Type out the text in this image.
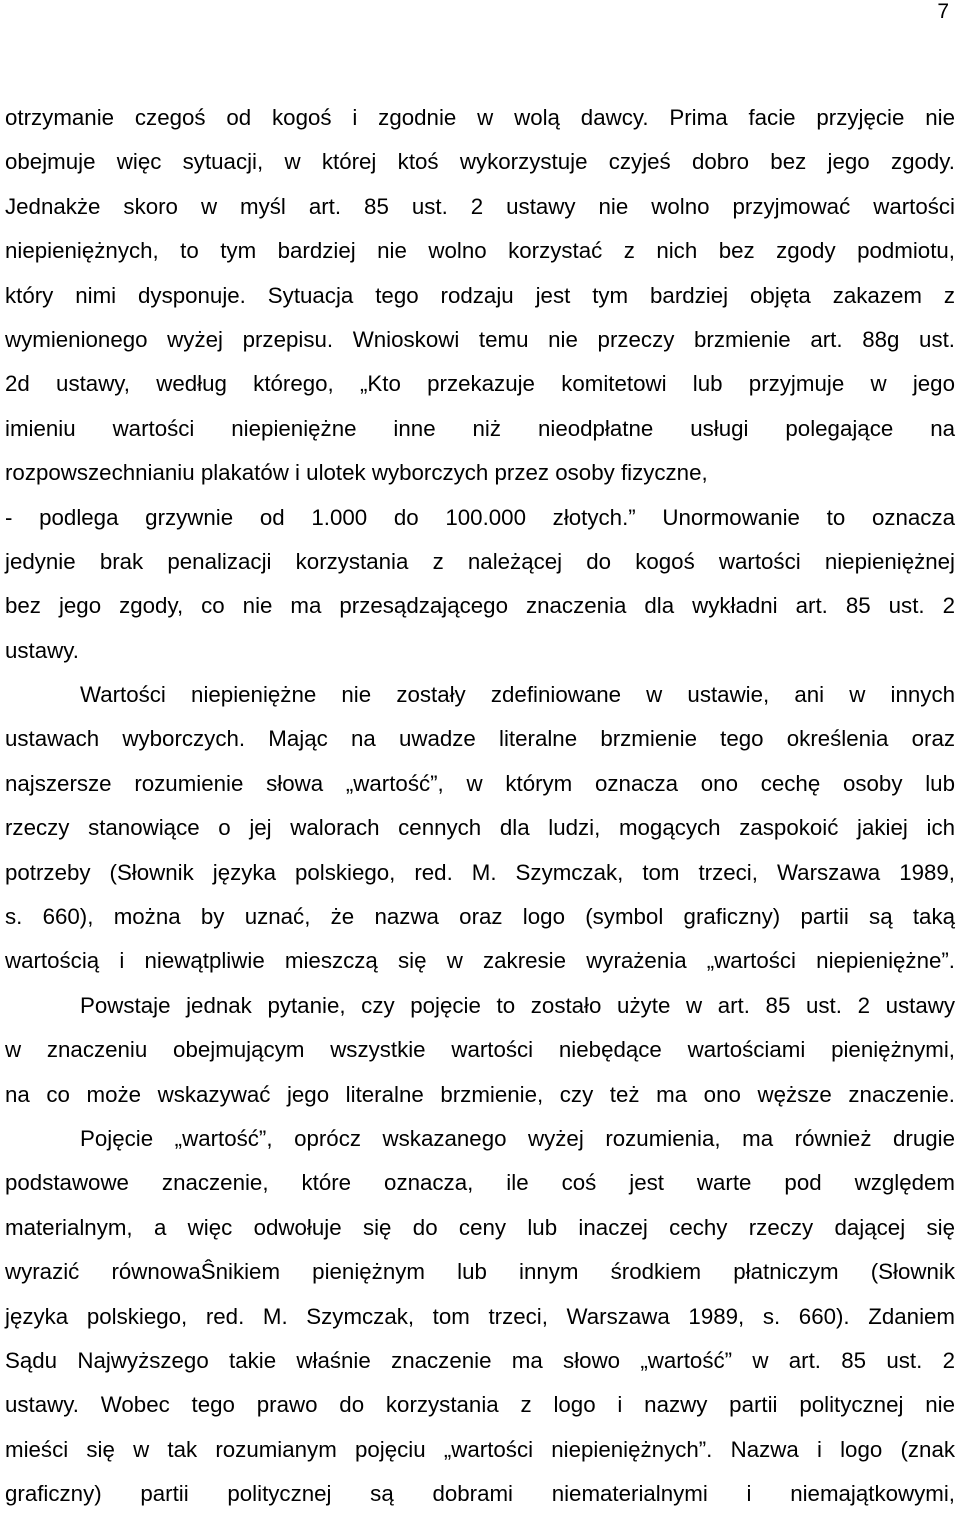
7
otrzymanie czegoś od kogoś i zgodnie w wolą dawcy. Prima facie przyjęcie nie
obejmuje więc sytuacji, w której ktoś wykorzystuje czyjeś dobro bez jego zgody.
Jednakże skoro w myśl art. 85 ust. 2 ustawy nie wolno przyjmować wartości
niepieniężnych, to tym bardziej nie wolno korzystać z nich bez zgody podmiotu,
który nimi dysponuje. Sytuacja tego rodzaju jest tym bardziej objęta zakazem z
wymienionego wyżej przepisu. Wnioskowi temu nie przeczy brzmienie art. 88g ust.
2d ustawy, według którego, „Kto przekazuje komitetowi lub przyjmuje w jego
imieniu wartości niepieniężne inne niż nieodpłatne usługi polegające na
rozpowszechnianiu plakatów i ulotek wyborczych przez osoby fizyczne,
- podlega grzywnie od 1.000 do 100.000 złotych.” Unormowanie to oznacza
jedynie brak penalizacji korzystania z należącej do kogoś wartości niepieniężnej
bez jego zgody, co nie ma przesądzającego znaczenia dla wykładni art. 85 ust. 2
ustawy.
Wartości niepieniężne nie zostały zdefiniowane w ustawie, ani w innych
ustawach wyborczych. Mając na uwadze literalne brzmienie tego określenia oraz
najszersze rozumienie słowa „wartość”, w którym oznacza ono cechę osoby lub
rzeczy stanowiące o jej walorach cennych dla ludzi, mogących zaspokoić jakiej ich
potrzeby (Słownik języka polskiego, red. M. Szymczak, tom trzeci, Warszawa 1989,
s. 660), można by uznać, że nazwa oraz logo (symbol graficzny) partii są taką
wartością i niewątpliwie mieszczą się w zakresie wyrażenia „wartości niepieniężne”.
Powstaje jednak pytanie, czy pojęcie to zostało użyte w art. 85 ust. 2 ustawy
w znaczeniu obejmującym wszystkie wartości niebędące wartościami pieniężnymi,
na co może wskazywać jego literalne brzmienie, czy też ma ono węższe znaczenie.
Pojęcie „wartość”, oprócz wskazanego wyżej rozumienia, ma również drugie
podstawowe znaczenie, które oznacza, ile coś jest warte pod względem
materialnym, a więc odwołuje się do ceny lub inaczej cechy rzeczy dającej się
wyrazić równowaŜnikiem pieniężnym lub innym środkiem płatniczym (Słownik
języka polskiego, red. M. Szymczak, tom trzeci, Warszawa 1989, s. 660). Zdaniem
Sądu Najwyższego takie właśnie znaczenie ma słowo „wartość” w art. 85 ust. 2
ustawy. Wobec tego prawo do korzystania z logo i nazwy partii politycznej nie
mieści się w tak rozumianym pojęciu „wartości niepieniężnych”. Nazwa i logo (znak
graficzny) partii politycznej są dobrami niematerialnymi i niemajątkowymi,
